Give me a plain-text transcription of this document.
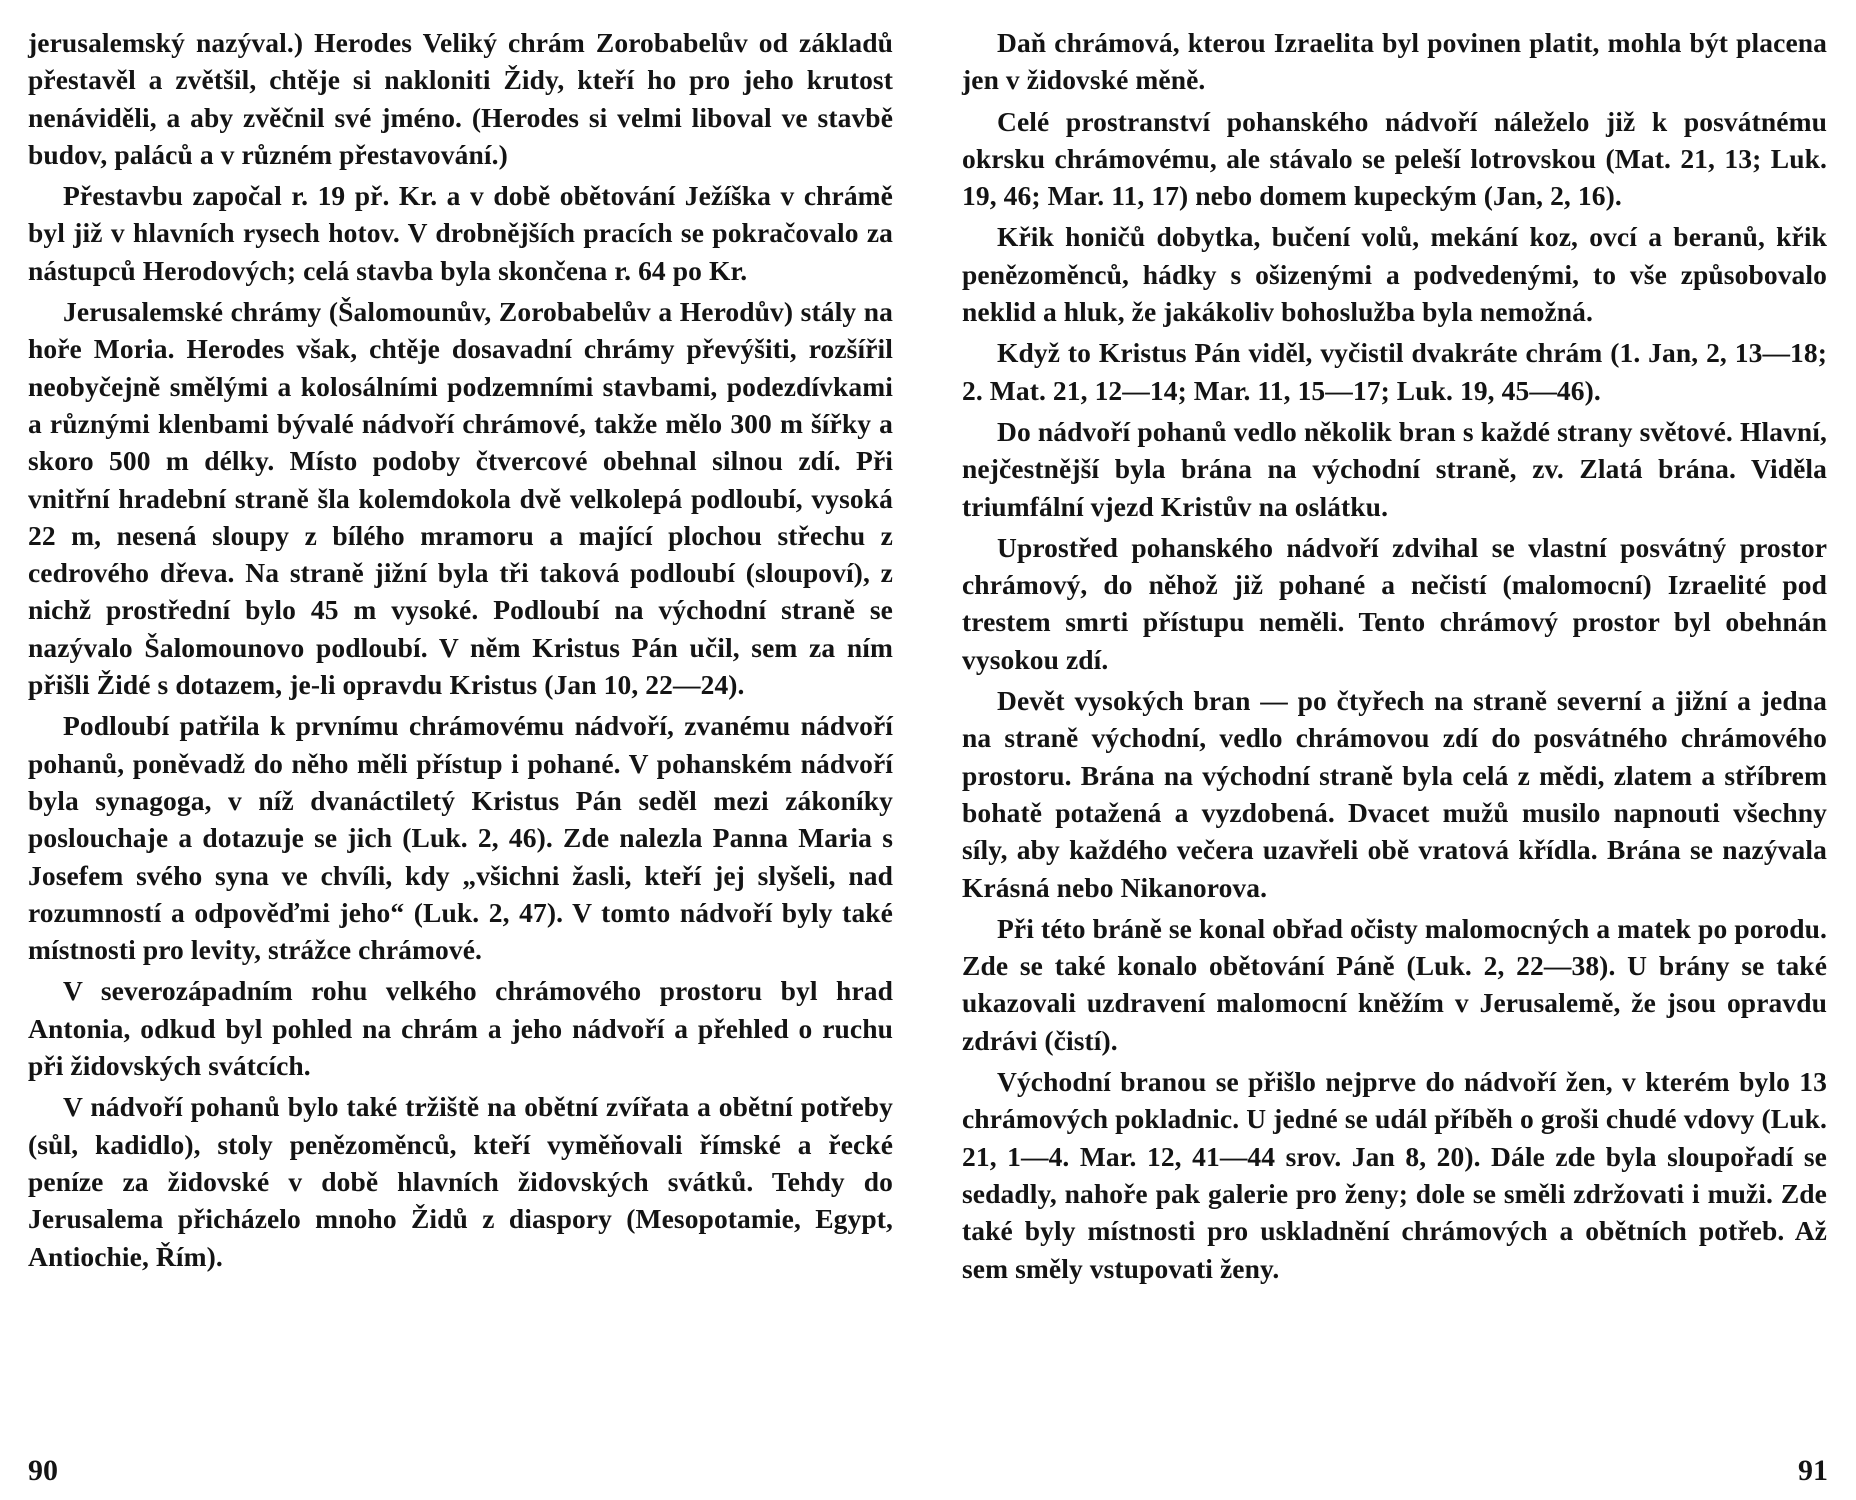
jerusalemský nazýval.) Herodes Veliký chrám Zorobabelův od základů přestavěl a zvětšil, chtěje si nakloniti Židy, kteří ho pro jeho krutost nenáviděli, a aby zvěčnil své jméno. (Herodes si velmi liboval ve stavbě budov, paláců a v různém přestavování.)

Přestavbu započal r. 19 př. Kr. a v době obětování Ježíška v chrámě byl již v hlavních rysech hotov. V drobnějších pracích se pokračovalo za nástupců Herodových; celá stavba byla skončena r. 64 po Kr.

Jerusalemské chrámy (Šalomounův, Zorobabelův a Herodův) stály na hoře Moria. Herodes však, chtěje dosavadní chrámy převýšiti, rozšířil neobyčejně smělými a kolosálními podzemními stavbami, podezdívkami a různými klenbami bývalé nádvoří chrámové, takže mělo 300 m šířky a skoro 500 m délky. Místo podoby čtvercové obehnal silnou zdí. Při vnitřní hradební straně šla kolemdokola dvě velkolepá podloubí, vysoká 22 m, nesená sloupy z bílého mramoru a mající plochou střechu z cedrového dřeva. Na straně jižní byla tři taková podloubí (sloupoví), z nichž prostřední bylo 45 m vysoké. Podloubí na východní straně se nazývalo Šalomounovo podloubí. V něm Kristus Pán učil, sem za ním přišli Židé s dotazem, je-li opravdu Kristus (Jan 10, 22—24).

Podloubí patřila k prvnímu chrámovému nádvoří, zvanému nádvoří pohanů, poněvadž do něho měli přístup i pohané. V pohanském nádvoří byla synagoga, v níž dvanáctiletý Kristus Pán seděl mezi zákoníky poslouchaje a dotazuje se jich (Luk. 2, 46). Zde nalezla Panna Maria s Josefem svého syna ve chvíli, kdy „všichni žasli, kteří jej slyšeli, nad rozumností a odpověďmi jeho“ (Luk. 2, 47). V tomto nádvoří byly také místnosti pro levity, strážce chrámové.

V severozápadním rohu velkého chrámového prostoru byl hrad Antonia, odkud byl pohled na chrám a jeho nádvoří a přehled o ruchu při židovských svátcích.

V nádvoří pohanů bylo také tržiště na obětní zvířata a obětní potřeby (sůl, kadidlo), stoly penězoměnců, kteří vyměňovali římské a řecké peníze za židovské v době hlavních židovských svátků. Tehdy do Jerusalema přicházelo mnoho Židů z diaspory (Mesopotamie, Egypt, Antiochie, Řím).

Daň chrámová, kterou Izraelita byl povinen platit, mohla být placena jen v židovské měně.

Celé prostranství pohanského nádvoří náleželo již k posvátnému okrsku chrámovému, ale stávalo se peleší lotrovskou (Mat. 21, 13; Luk. 19, 46; Mar. 11, 17) nebo domem kupeckým (Jan, 2, 16).

Křik honičů dobytka, bučení volů, mekání koz, ovcí a beranů, křik penězoměnců, hádky s ošizenými a podvedenými, to vše způsobovalo neklid a hluk, že jakákoliv bohoslužba byla nemožná.

Když to Kristus Pán viděl, vyčistil dvakráte chrám (1. Jan, 2, 13—18; 2. Mat. 21, 12—14; Mar. 11, 15—17; Luk. 19, 45—46).

Do nádvoří pohanů vedlo několik bran s každé strany světové. Hlavní, nejčestnější byla brána na východní straně, zv. Zlatá brána. Viděla triumfální vjezd Kristův na oslátku.

Uprostřed pohanského nádvoří zdvihal se vlastní posvátný prostor chrámový, do něhož již pohané a nečistí (malomocní) Izraelité pod trestem smrti přístupu neměli. Tento chrámový prostor byl obehnán vysokou zdí.

Devět vysokých bran — po čtyřech na straně severní a jižní a jedna na straně východní, vedlo chrámovou zdí do posvátného chrámového prostoru. Brána na východní straně byla celá z mědi, zlatem a stříbrem bohatě potažená a vyzdobená. Dvacet mužů musilo napnouti všechny síly, aby každého večera uzavřeli obě vratová křídla. Brána se nazývala Krásná nebo Nikanorova.

Při této bráně se konal obřad očisty malomocných a matek po porodu. Zde se také konalo obětování Páně (Luk. 2, 22—38). U brány se také ukazovali uzdravení malomocní kněžím v Jerusalemě, že jsou opravdu zdrávi (čistí).

Východní branou se přišlo nejprve do nádvoří žen, v kterém bylo 13 chrámových pokladnic. U jedné se udál příběh o groši chudé vdovy (Luk. 21, 1—4. Mar. 12, 41—44 srov. Jan 8, 20). Dále zde byla sloupořadí se sedadly, nahoře pak galerie pro ženy; dole se směli zdržovati i muži. Zde také byly místnosti pro uskladnění chrámových a obětních potřeb. Až sem směly vstupovati ženy.

90	91
